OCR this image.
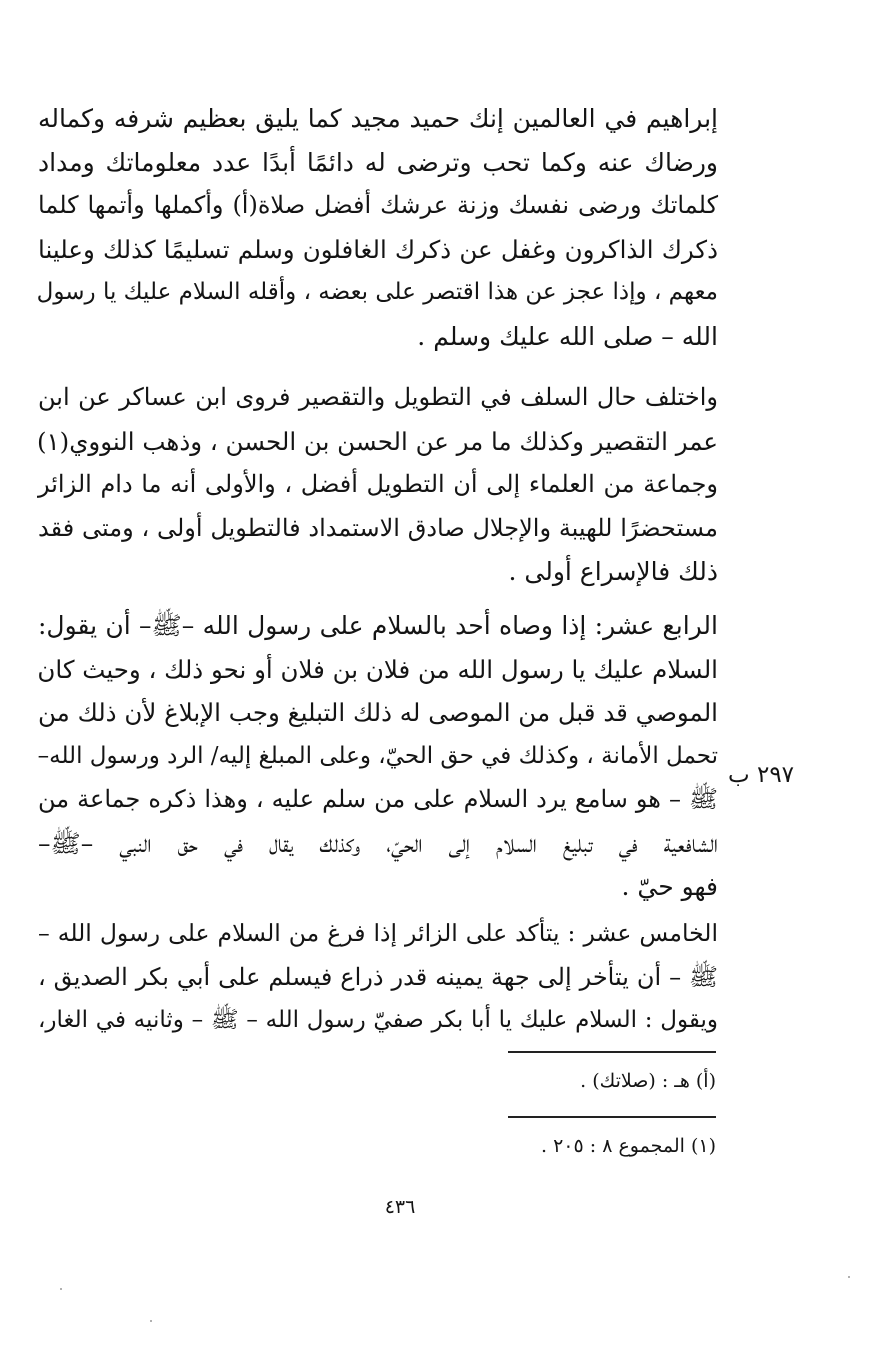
إبراهيم في العالمين إنك حميد مجيد كما يليق بعظيم شرفه وكماله
ورضاك عنه وكما تحب وترضى له دائمًا أبدًا عدد معلوماتك ومداد
كلماتك ورضى نفسك وزنة عرشك أفضل صلاة(أ) وأكملها وأتمها كلما
ذكرك الذاكرون وغفل عن ذكرك الغافلون وسلم تسليمًا كذلك وعلينا
معهم ، وإذا عجز عن هذا اقتصر على بعضه ، وأقله السلام عليك يا رسول
الله – صلى الله عليك وسلم .
واختلف حال السلف في التطويل والتقصير فروى ابن عساكر عن ابن
عمر التقصير وكذلك ما مر عن الحسن بن الحسن ، وذهب النووي(١)
وجماعة من العلماء إلى أن التطويل أفضل ، والأولى أنه ما دام الزائر
مستحضرًا للهيبة والإجلال صادق الاستمداد فالتطويل أولى ، ومتى فقد
ذلك فالإسراع أولى .
الرابع عشر: إذا وصاه أحد بالسلام على رسول الله –ﷺ– أن يقول:
السلام عليك يا رسول الله من فلان بن فلان أو نحو ذلك ، وحيث كان
الموصي قد قبل من الموصى له ذلك التبليغ وجب الإبلاغ لأن ذلك من
تحمل الأمانة ، وكذلك في حق الحيّ، وعلى المبلغ إليه/ الرد ورسول الله–
ﷺ – هو سامع يرد السلام على من سلم عليه ، وهذا ذكره جماعة من
الشافعية في تبليغ السلام إلى الحيّ، وكذلك يقال في حق النبي –ﷺ–
فهو حيّ .
الخامس عشر : يتأكد على الزائر إذا فرغ من السلام على رسول الله –
ﷺ – أن يتأخر إلى جهة يمينه قدر ذراع فيسلم على أبي بكر الصديق ،
ويقول : السلام عليك يا أبا بكر صفيّ رسول الله – ﷺ – وثانيه في الغار،
٢٩٧ ب
(أ) هـ : (صلاتك) .
(١) المجموع ٨ : ٢٠٥ .
٤٣٦
